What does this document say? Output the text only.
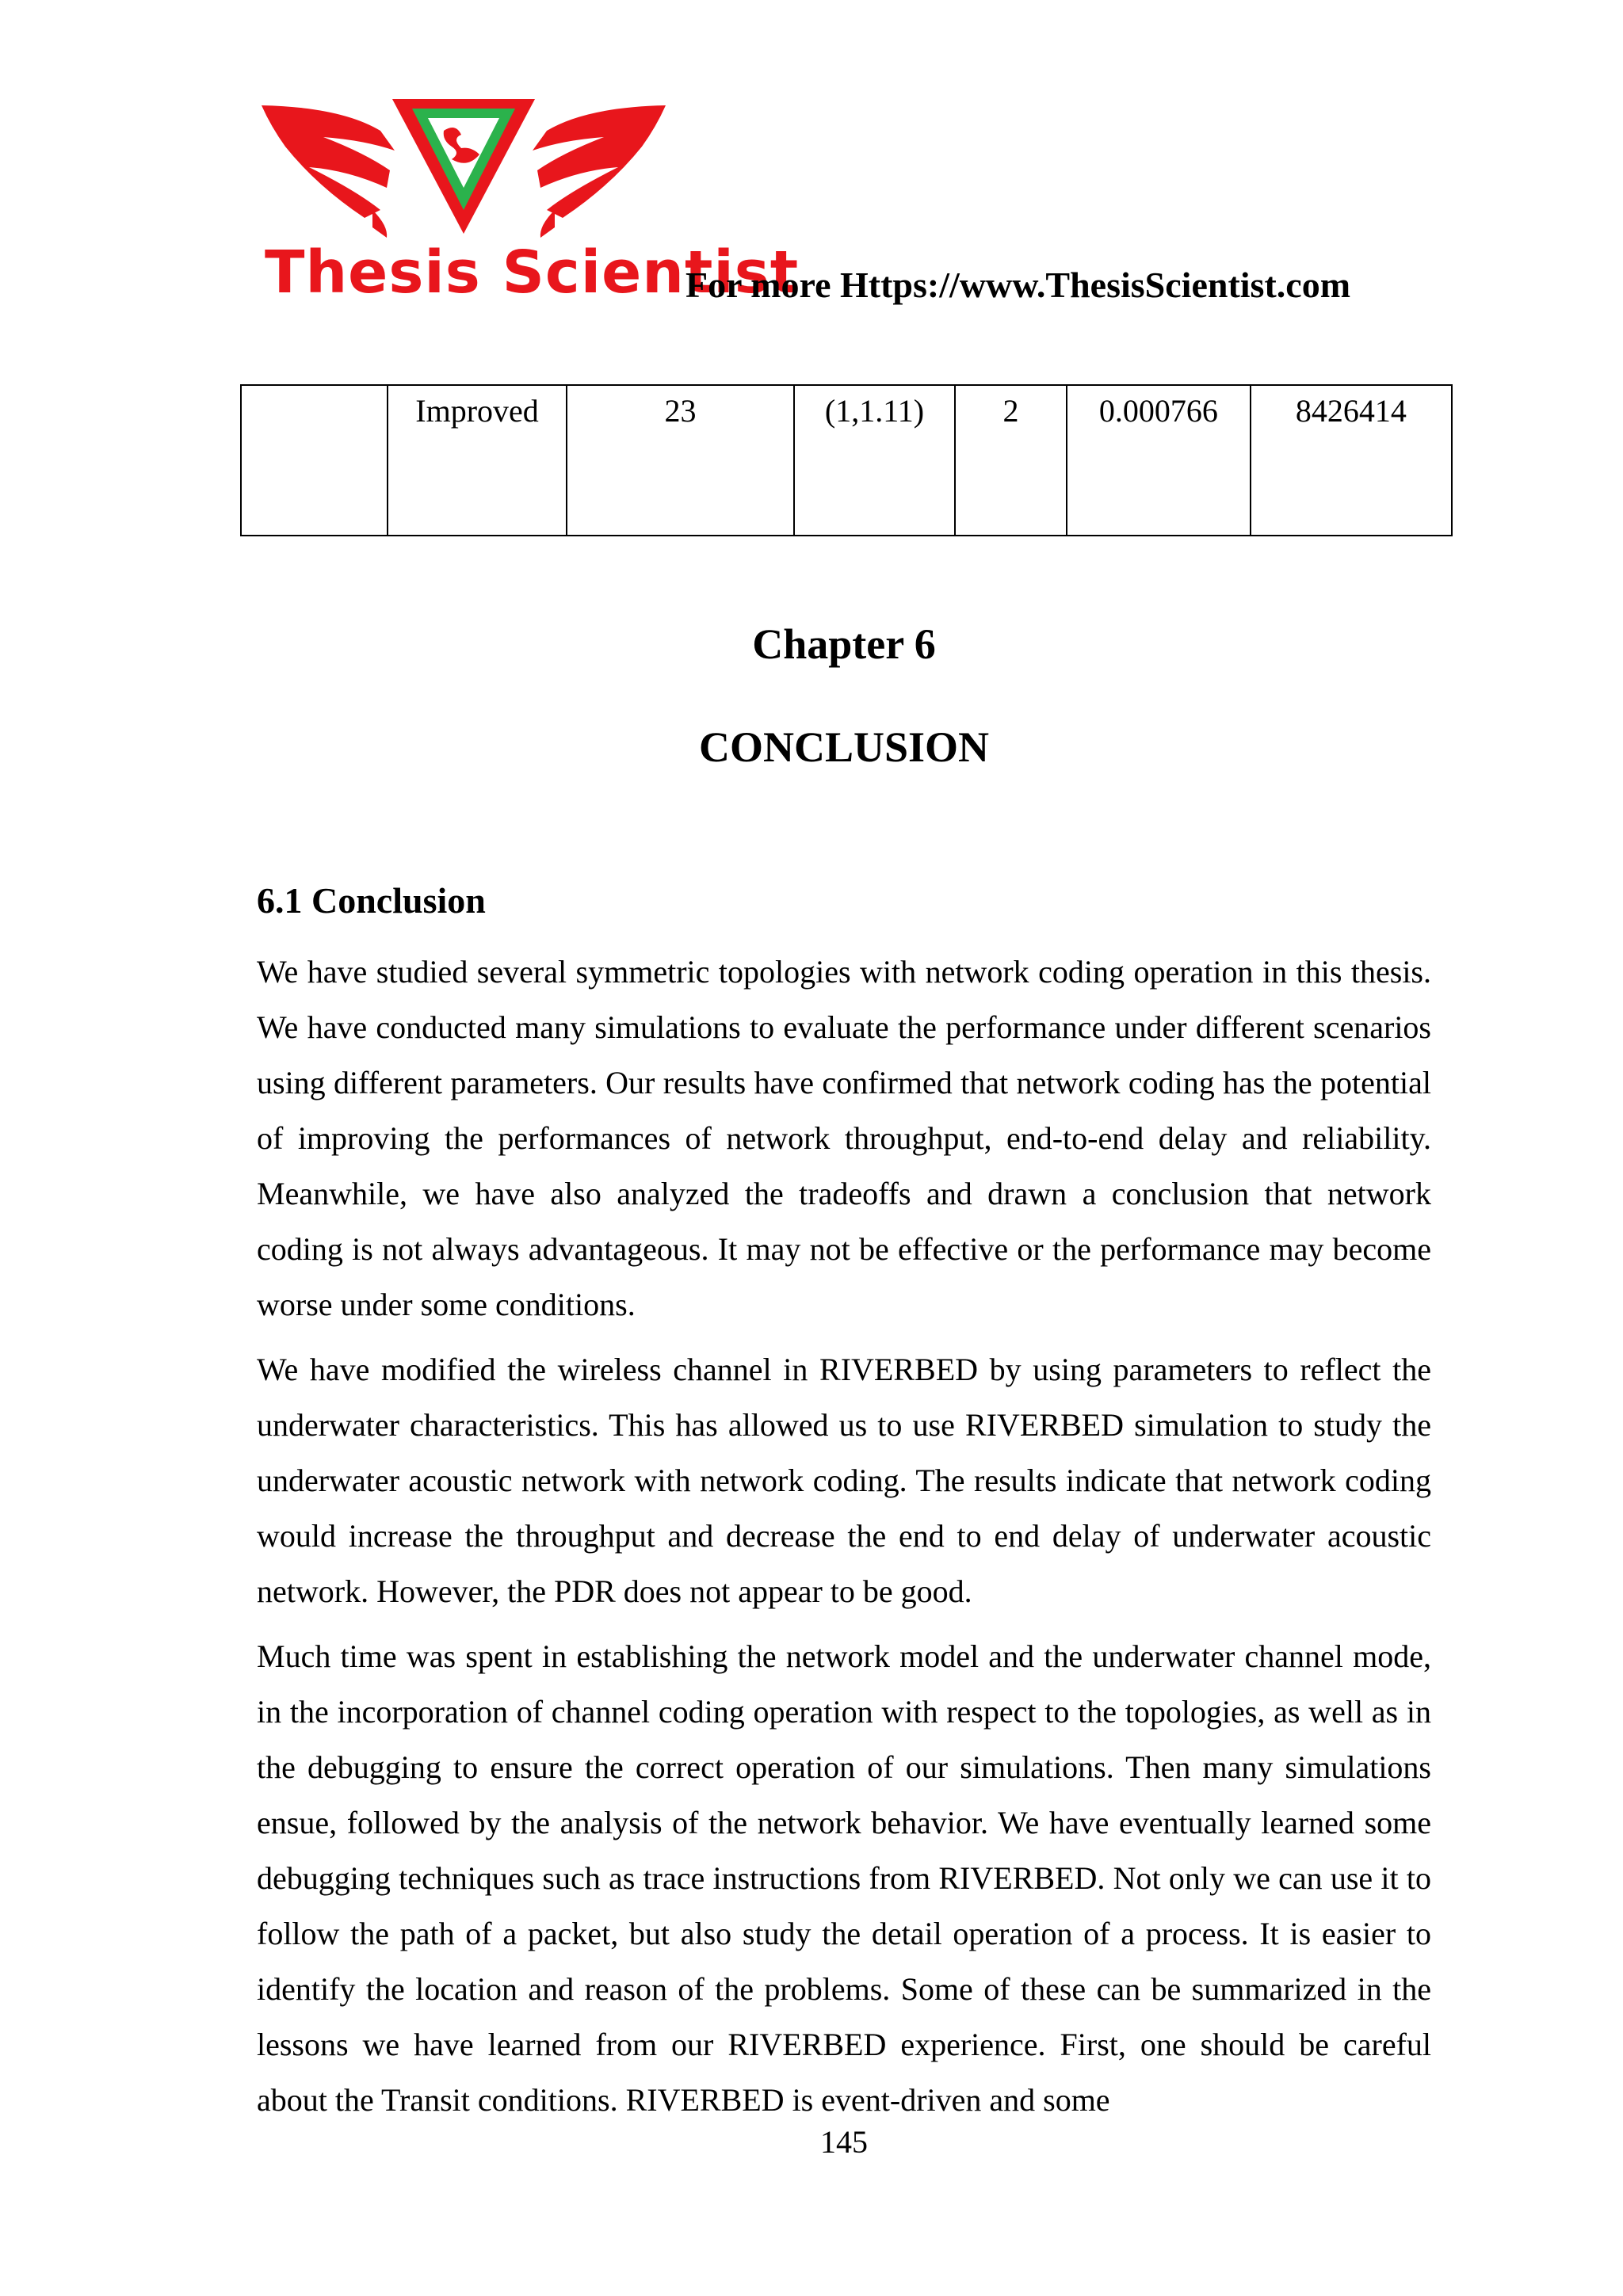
Thesis Scientist
For more Https://www.ThesisScientist.com
	Improved	23	(1,1.11)	2	0.000766	8426414
Chapter 6
CONCLUSION
6.1 Conclusion

We have studied several symmetric topologies with network coding operation in this thesis. We have conducted many simulations to evaluate the performance under different scenarios using different parameters. Our results have confirmed that network coding has the potential of improving the performances of network throughput, end-to-end delay and reliability. Meanwhile, we have also analyzed the tradeoffs and drawn a conclusion that network coding is not always advantageous. It may not be effective or the performance may become worse under some conditions.

We have modified the wireless channel in RIVERBED by using parameters to reflect the underwater characteristics. This has allowed us to use RIVERBED simulation to study the underwater acoustic network with network coding. The results indicate that network coding would increase the throughput and decrease the end to end delay of underwater acoustic network. However, the PDR does not appear to be good.

Much time was spent in establishing the network model and the underwater channel mode, in the incorporation of channel coding operation with respect to the topologies, as well as in the debugging to ensure the correct operation of our simulations. Then many simulations ensue, followed by the analysis of the network behavior. We have eventually learned some debugging techniques such as trace instructions from RIVERBED. Not only we can use it to follow the path of a packet, but also study the detail operation of a process. It is easier to identify the location and reason of the problems. Some of these can be summarized in the lessons we have learned from our RIVERBED experience. First, one should be careful about the Transit conditions. RIVERBED is event-driven and some

145
